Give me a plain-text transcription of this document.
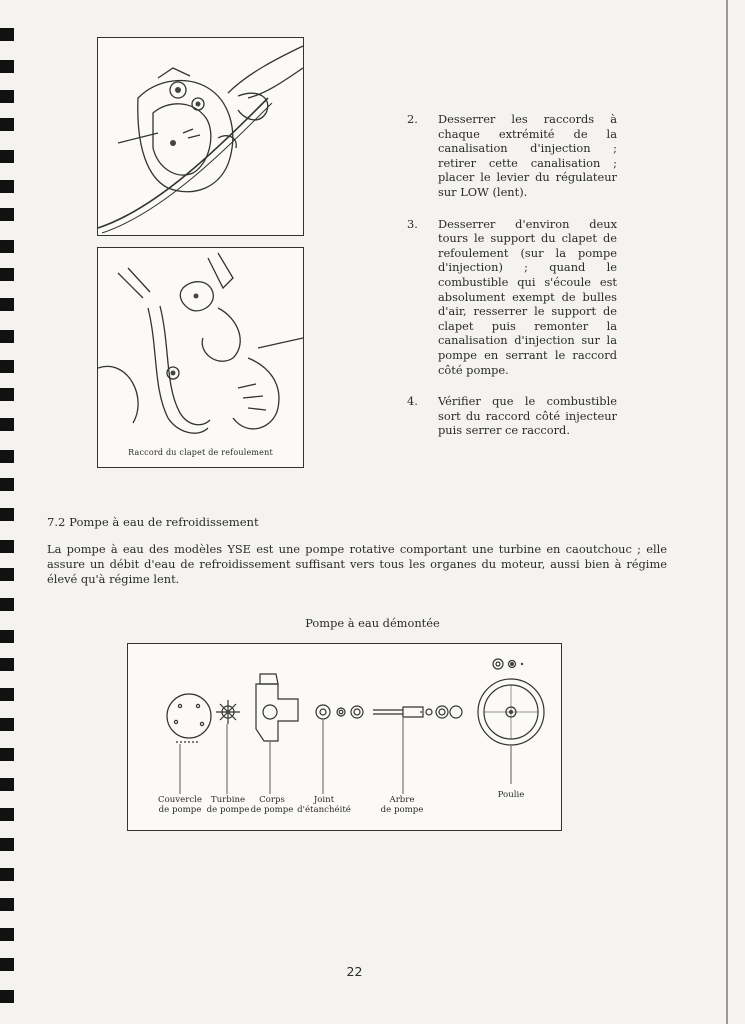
Raccord du clapet de refoulement
2. Desserrer les raccords à chaque extrémité de la canalisation d'injection ; retirer cette canalisation ; placer le levier du régulateur sur LOW (lent).
3. Desserrer d'environ deux tours le support du clapet de refoulement (sur la pompe d'injection) ; quand le combustible qui s'écoule est absolument exempt de bulles d'air, resserrer le support de clapet puis remonter la canalisation d'injection sur la pompe en serrant le raccord côté pompe.
4. Vérifier que le combustible sort du raccord côté injecteur puis serrer ce raccord.
7.2 Pompe à eau de refroidissement
La pompe à eau des modèles YSE est une pompe rotative comportant une turbine en caoutchouc ; elle assure un débit d'eau de refroidissement suffisant vers tous les organes du moteur, aussi bien à régime élevé qu'à régime lent.
Pompe à eau démontée
Couvercle
de pompe
Turbine
de pompe
Corps
de pompe
Joint
d'étanchéité
Arbre
de pompe
Poulie
22
